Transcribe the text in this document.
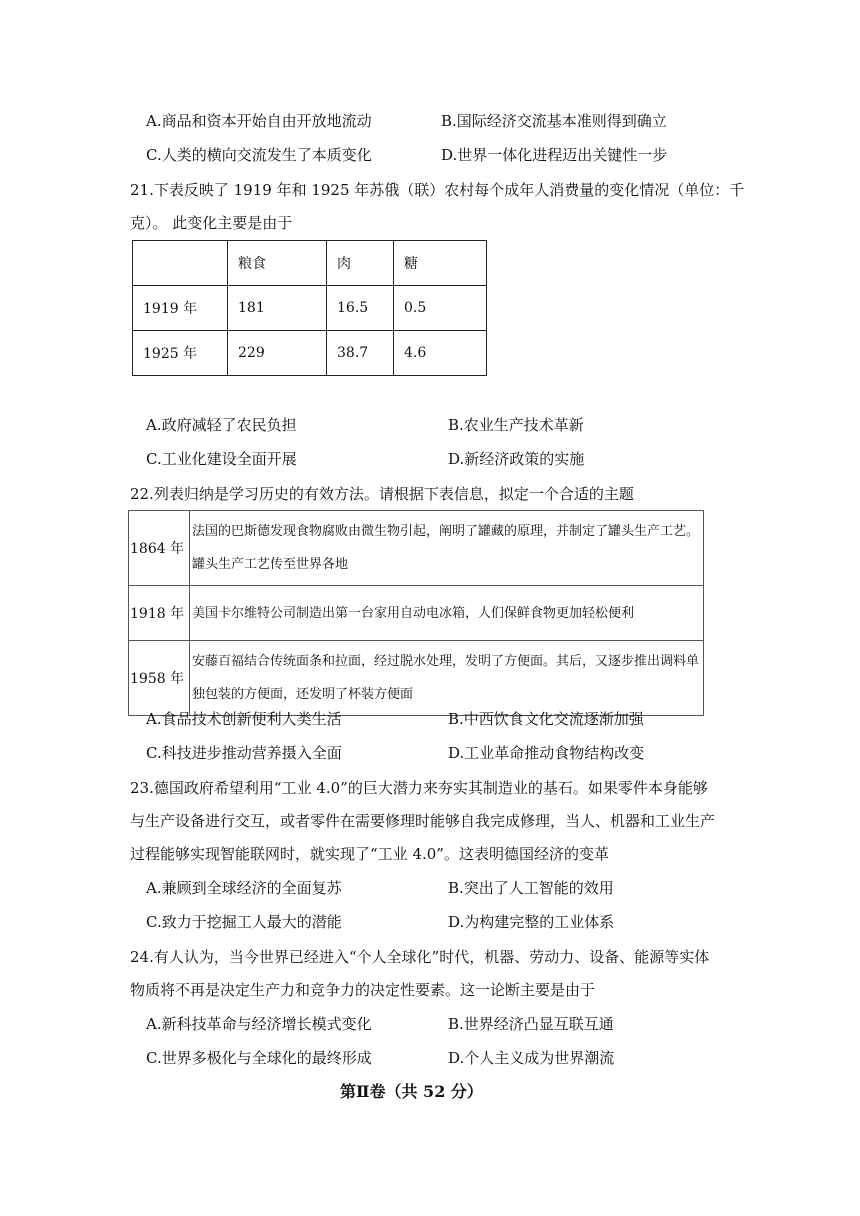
A.商品和资本开始自由开放地流动	B.国际经济交流基本准则得到确立
C.人类的横向交流发生了本质变化	D.世界一体化进程迈出关键性一步
21.下表反映了 1919 年和 1925 年苏俄（联）农村每个成年人消费量的变化情况（单位：千
克）。 此变化主要是由于
	粮食	肉	糖
1919 年	181	16.5	0.5
1925 年	229	38.7	4.6
A.政府减轻了农民负担	B.农业生产技术革新
C.工业化建设全面开展	D.新经济政策的实施
22.列表归纳是学习历史的有效方法。请根据下表信息，拟定一个合适的主题
1864 年	法国的巴斯德发现食物腐败由微生物引起，阐明了罐藏的原理，并制定了罐头生产工艺。罐头生产工艺传至世界各地
1918 年	美国卡尔维特公司制造出第一台家用自动电冰箱，人们保鲜食物更加轻松便利
1958 年	安藤百福结合传统面条和拉面，经过脱水处理，发明了方便面。其后，又逐步推出调料单独包装的方便面，还发明了杯装方便面
A.食品技术创新便利人类生活	B.中西饮食文化交流逐渐加强
C.科技进步推动营养摄入全面	D.工业革命推动食物结构改变
23.德国政府希望利用“工业 4.0”的巨大潜力来夯实其制造业的基石。如果零件本身能够
与生产设备进行交互，或者零件在需要修理时能够自我完成修理，当人、机器和工业生产
过程能够实现智能联网时，就实现了“工业 4.0”。这表明德国经济的变革
A.兼顾到全球经济的全面复苏	B.突出了人工智能的效用
C.致力于挖掘工人最大的潜能	D.为构建完整的工业体系
24.有人认为，当今世界已经进入“个人全球化”时代，机器、劳动力、设备、能源等实体
物质将不再是决定生产力和竞争力的决定性要素。这一论断主要是由于
A.新科技革命与经济增长模式变化	B.世界经济凸显互联互通
C.世界多极化与全球化的最终形成	D.个人主义成为世界潮流
第Ⅱ卷（共 52 分）
